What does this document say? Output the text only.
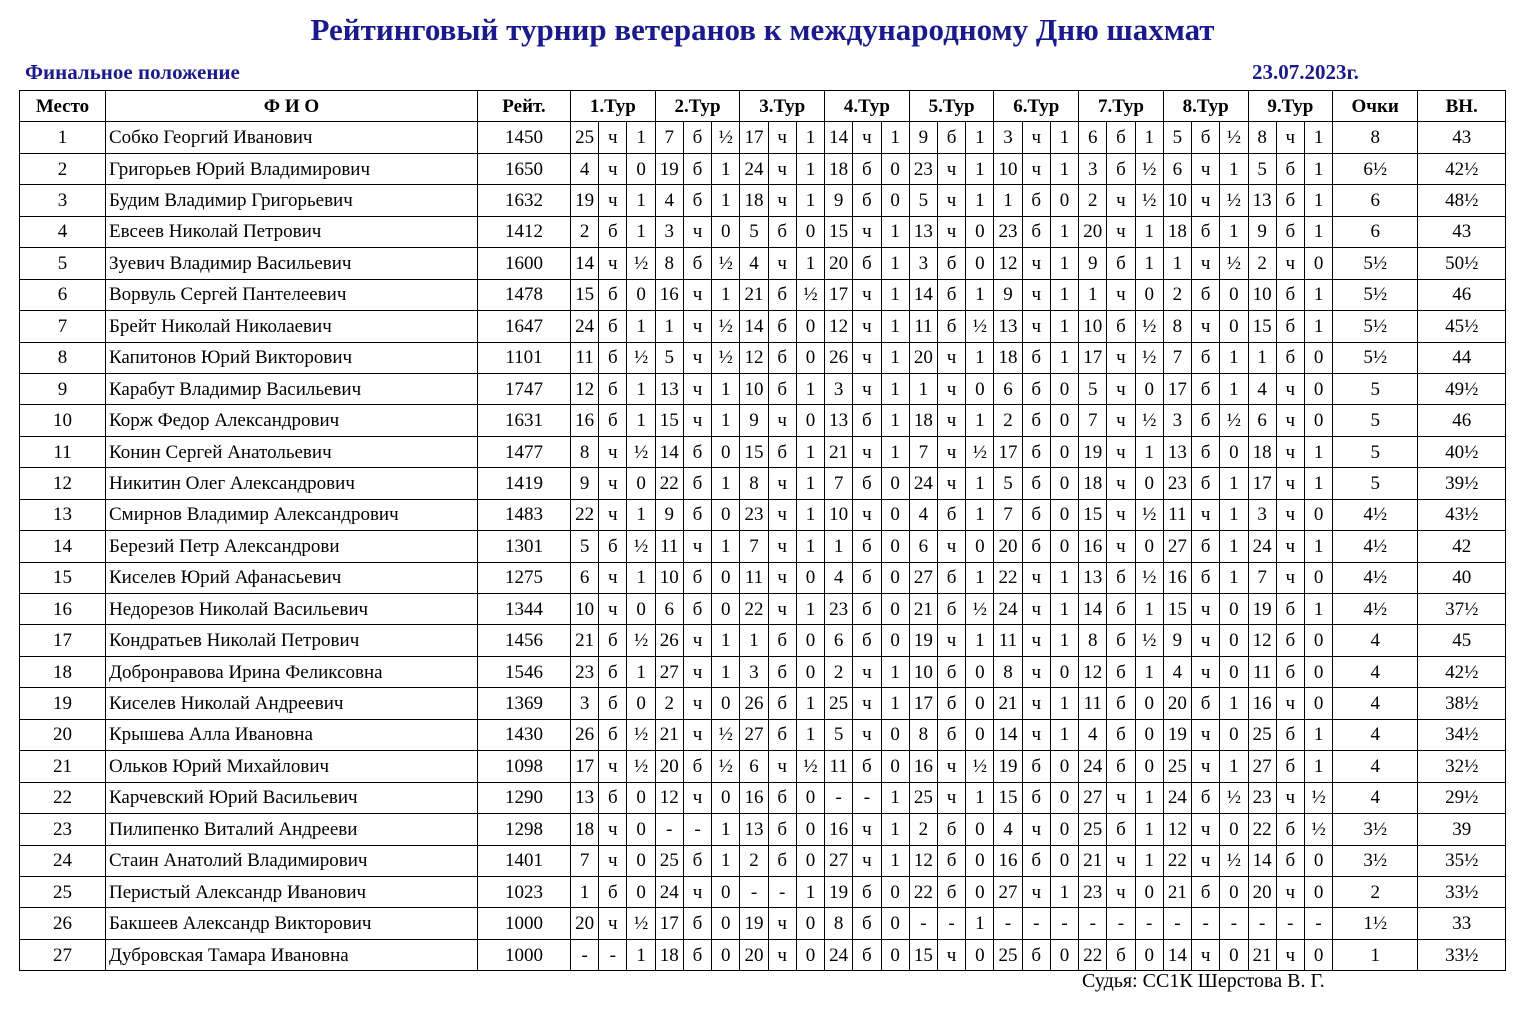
Рейтинговый турнир ветеранов к международному Дню шахмат
Финальное положение	23.07.2023г.
Место	Ф И О	Рейт.	1.Тур			2.Тур			3.Тур			4.Тур			5.Тур			6.Тур			7.Тур			8.Тур			9.Тур			Очки	ВН.
1	Собко Георгий Иванович	1450	25	ч	1	7	б	½	17	ч	1	14	ч	1	9	б	1	3	ч	1	6	б	1	5	б	½	8	ч	1	8	43
2	Григорьев Юрий Владимирович	1650	4	ч	0	19	б	1	24	ч	1	18	б	0	23	ч	1	10	ч	1	3	б	½	6	ч	1	5	б	1	6½	42½
3	Будим Владимир Григорьевич	1632	19	ч	1	4	б	1	18	ч	1	9	б	0	5	ч	1	1	б	0	2	ч	½	10	ч	½	13	б	1	6	48½
4	Евсеев Николай Петрович	1412	2	б	1	3	ч	0	5	б	0	15	ч	1	13	ч	0	23	б	1	20	ч	1	18	б	1	9	б	1	6	43
5	Зуевич Владимир Васильевич	1600	14	ч	½	8	б	½	4	ч	1	20	б	1	3	б	0	12	ч	1	9	б	1	1	ч	½	2	ч	0	5½	50½
6	Ворвуль Сергей Пантелеевич	1478	15	б	0	16	ч	1	21	б	½	17	ч	1	14	б	1	9	ч	1	1	ч	0	2	б	0	10	б	1	5½	46
7	Брейт Николай Николаевич	1647	24	б	1	1	ч	½	14	б	0	12	ч	1	11	б	½	13	ч	1	10	б	½	8	ч	0	15	б	1	5½	45½
8	Капитонов Юрий Викторович	1101	11	б	½	5	ч	½	12	б	0	26	ч	1	20	ч	1	18	б	1	17	ч	½	7	б	1	1	б	0	5½	44
9	Карабут Владимир Васильевич	1747	12	б	1	13	ч	1	10	б	1	3	ч	1	1	ч	0	6	б	0	5	ч	0	17	б	1	4	ч	0	5	49½
10	Корж Федор Александрович	1631	16	б	1	15	ч	1	9	ч	0	13	б	1	18	ч	1	2	б	0	7	ч	½	3	б	½	6	ч	0	5	46
11	Конин Сергей Анатольевич	1477	8	ч	½	14	б	0	15	б	1	21	ч	1	7	ч	½	17	б	0	19	ч	1	13	б	0	18	ч	1	5	40½
12	Никитин Олег Александрович	1419	9	ч	0	22	б	1	8	ч	1	7	б	0	24	ч	1	5	б	0	18	ч	0	23	б	1	17	ч	1	5	39½
13	Смирнов Владимир Александрович	1483	22	ч	1	9	б	0	23	ч	1	10	ч	0	4	б	1	7	б	0	15	ч	½	11	ч	1	3	ч	0	4½	43½
14	Березий Петр Александрови	1301	5	б	½	11	ч	1	7	ч	1	1	б	0	6	ч	0	20	б	0	16	ч	0	27	б	1	24	ч	1	4½	42
15	Киселев Юрий Афанасьевич	1275	6	ч	1	10	б	0	11	ч	0	4	б	0	27	б	1	22	ч	1	13	б	½	16	б	1	7	ч	0	4½	40
16	Недорезов Николай Васильевич	1344	10	ч	0	6	б	0	22	ч	1	23	б	0	21	б	½	24	ч	1	14	б	1	15	ч	0	19	б	1	4½	37½
17	Кондратьев Николай Петрович	1456	21	б	½	26	ч	1	1	б	0	6	б	0	19	ч	1	11	ч	1	8	б	½	9	ч	0	12	б	0	4	45
18	Добронравова Ирина Феликсовна	1546	23	б	1	27	ч	1	3	б	0	2	ч	1	10	б	0	8	ч	0	12	б	1	4	ч	0	11	б	0	4	42½
19	Киселев Николай Андреевич	1369	3	б	0	2	ч	0	26	б	1	25	ч	1	17	б	0	21	ч	1	11	б	0	20	б	1	16	ч	0	4	38½
20	Крышева Алла Ивановна	1430	26	б	½	21	ч	½	27	б	1	5	ч	0	8	б	0	14	ч	1	4	б	0	19	ч	0	25	б	1	4	34½
21	Ольков Юрий Михайлович	1098	17	ч	½	20	б	½	6	ч	½	11	б	0	16	ч	½	19	б	0	24	б	0	25	ч	1	27	б	1	4	32½
22	Карчевский Юрий Васильевич	1290	13	б	0	12	ч	0	16	б	0	-	-	1	25	ч	1	15	б	0	27	ч	1	24	б	½	23	ч	½	4	29½
23	Пилипенко Виталий Андрееви	1298	18	ч	0	-	-	1	13	б	0	16	ч	1	2	б	0	4	ч	0	25	б	1	12	ч	0	22	б	½	3½	39
24	Стаин Анатолий Владимирович	1401	7	ч	0	25	б	1	2	б	0	27	ч	1	12	б	0	16	б	0	21	ч	1	22	ч	½	14	б	0	3½	35½
25	Перистый Александр Иванович	1023	1	б	0	24	ч	0	-	-	1	19	б	0	22	б	0	27	ч	1	23	ч	0	21	б	0	20	ч	0	2	33½
26	Бакшеев Александр Викторович	1000	20	ч	½	17	б	0	19	ч	0	8	б	0	-	-	1	-	-	-	-	-	-	-	-	-	-	-	-	1½	33
27	Дубровская Тамара Ивановна	1000	-	-	1	18	б	0	20	ч	0	24	б	0	15	ч	0	25	б	0	22	б	0	14	ч	0	21	ч	0	1	33½
Судья: СС1К Шерстова В. Г.
